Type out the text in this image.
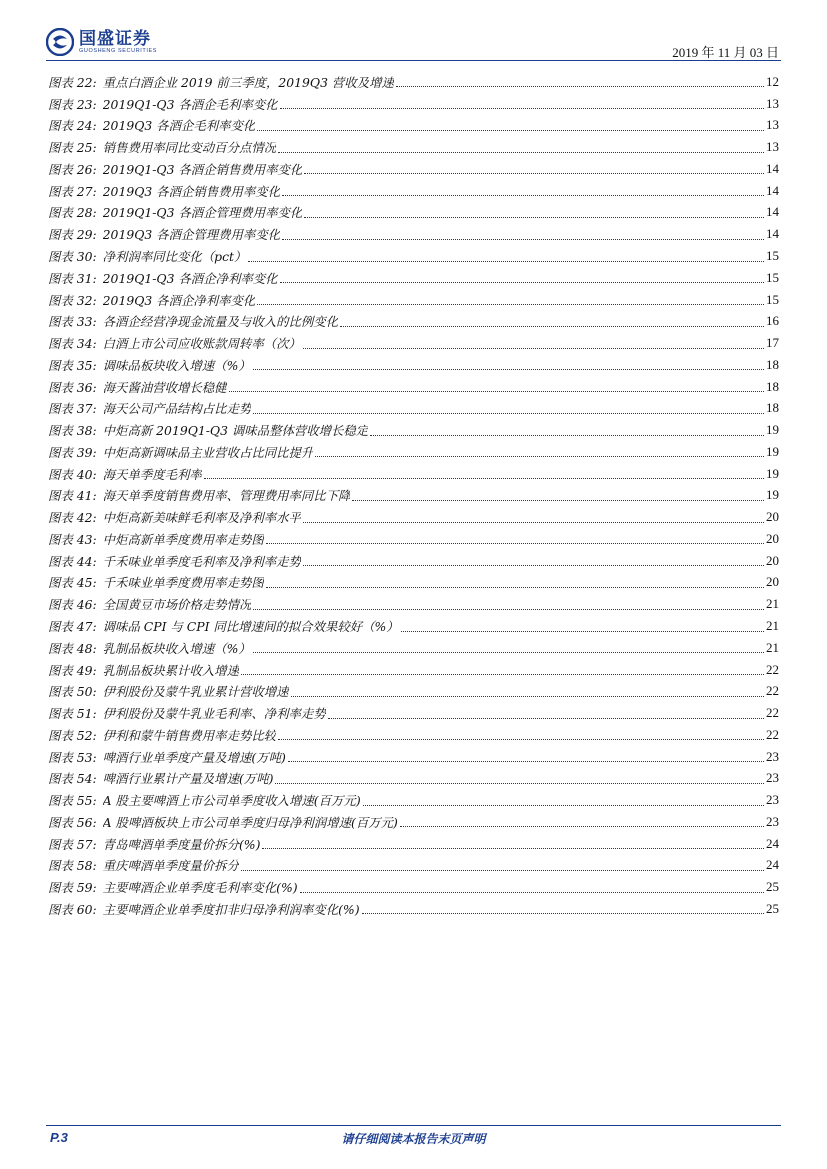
国盛证券
GUOSHENG SECURITIES	2019 年 11 月 03 日
图表 22: 重点白酒企业 2019 前三季度，2019Q3 营收及增速	12
图表 23: 2019Q1-Q3 各酒企毛利率变化	13
图表 24: 2019Q3 各酒企毛利率变化	13
图表 25: 销售费用率同比变动百分点情况	13
图表 26: 2019Q1-Q3 各酒企销售费用率变化	14
图表 27: 2019Q3 各酒企销售费用率变化	14
图表 28: 2019Q1-Q3 各酒企管理费用率变化	14
图表 29: 2019Q3 各酒企管理费用率变化	14
图表 30: 净利润率同比变化（pct）	15
图表 31: 2019Q1-Q3 各酒企净利率变化	15
图表 32: 2019Q3 各酒企净利率变化	15
图表 33: 各酒企经营净现金流量及与收入的比例变化	16
图表 34: 白酒上市公司应收账款周转率（次）	17
图表 35: 调味品板块收入增速（%）	18
图表 36: 海天酱油营收增长稳健	18
图表 37: 海天公司产品结构占比走势	18
图表 38: 中炬高新 2019Q1-Q3 调味品整体营收增长稳定	19
图表 39: 中炬高新调味品主业营收占比同比提升	19
图表 40: 海天单季度毛利率	19
图表 41: 海天单季度销售费用率、管理费用率同比下降	19
图表 42: 中炬高新美味鲜毛利率及净利率水平	20
图表 43: 中炬高新单季度费用率走势图	20
图表 44: 千禾味业单季度毛利率及净利率走势	20
图表 45: 千禾味业单季度费用率走势图	20
图表 46: 全国黄豆市场价格走势情况	21
图表 47: 调味品 CPI 与 CPI 同比增速间的拟合效果较好（%）	21
图表 48: 乳制品板块收入增速（%）	21
图表 49: 乳制品板块累计收入增速	22
图表 50: 伊利股份及蒙牛乳业累计营收增速	22
图表 51: 伊利股份及蒙牛乳业毛利率、净利率走势	22
图表 52: 伊利和蒙牛销售费用率走势比较	22
图表 53: 啤酒行业单季度产量及增速(万吨)	23
图表 54: 啤酒行业累计产量及增速(万吨)	23
图表 55: A 股主要啤酒上市公司单季度收入增速(百万元)	23
图表 56: A 股啤酒板块上市公司单季度归母净利润增速(百万元)	23
图表 57: 青岛啤酒单季度量价拆分(%)	24
图表 58: 重庆啤酒单季度量价拆分	24
图表 59: 主要啤酒企业单季度毛利率变化(%)	25
图表 60: 主要啤酒企业单季度扣非归母净利润率变化(%)	25
P.3	请仔细阅读本报告末页声明
